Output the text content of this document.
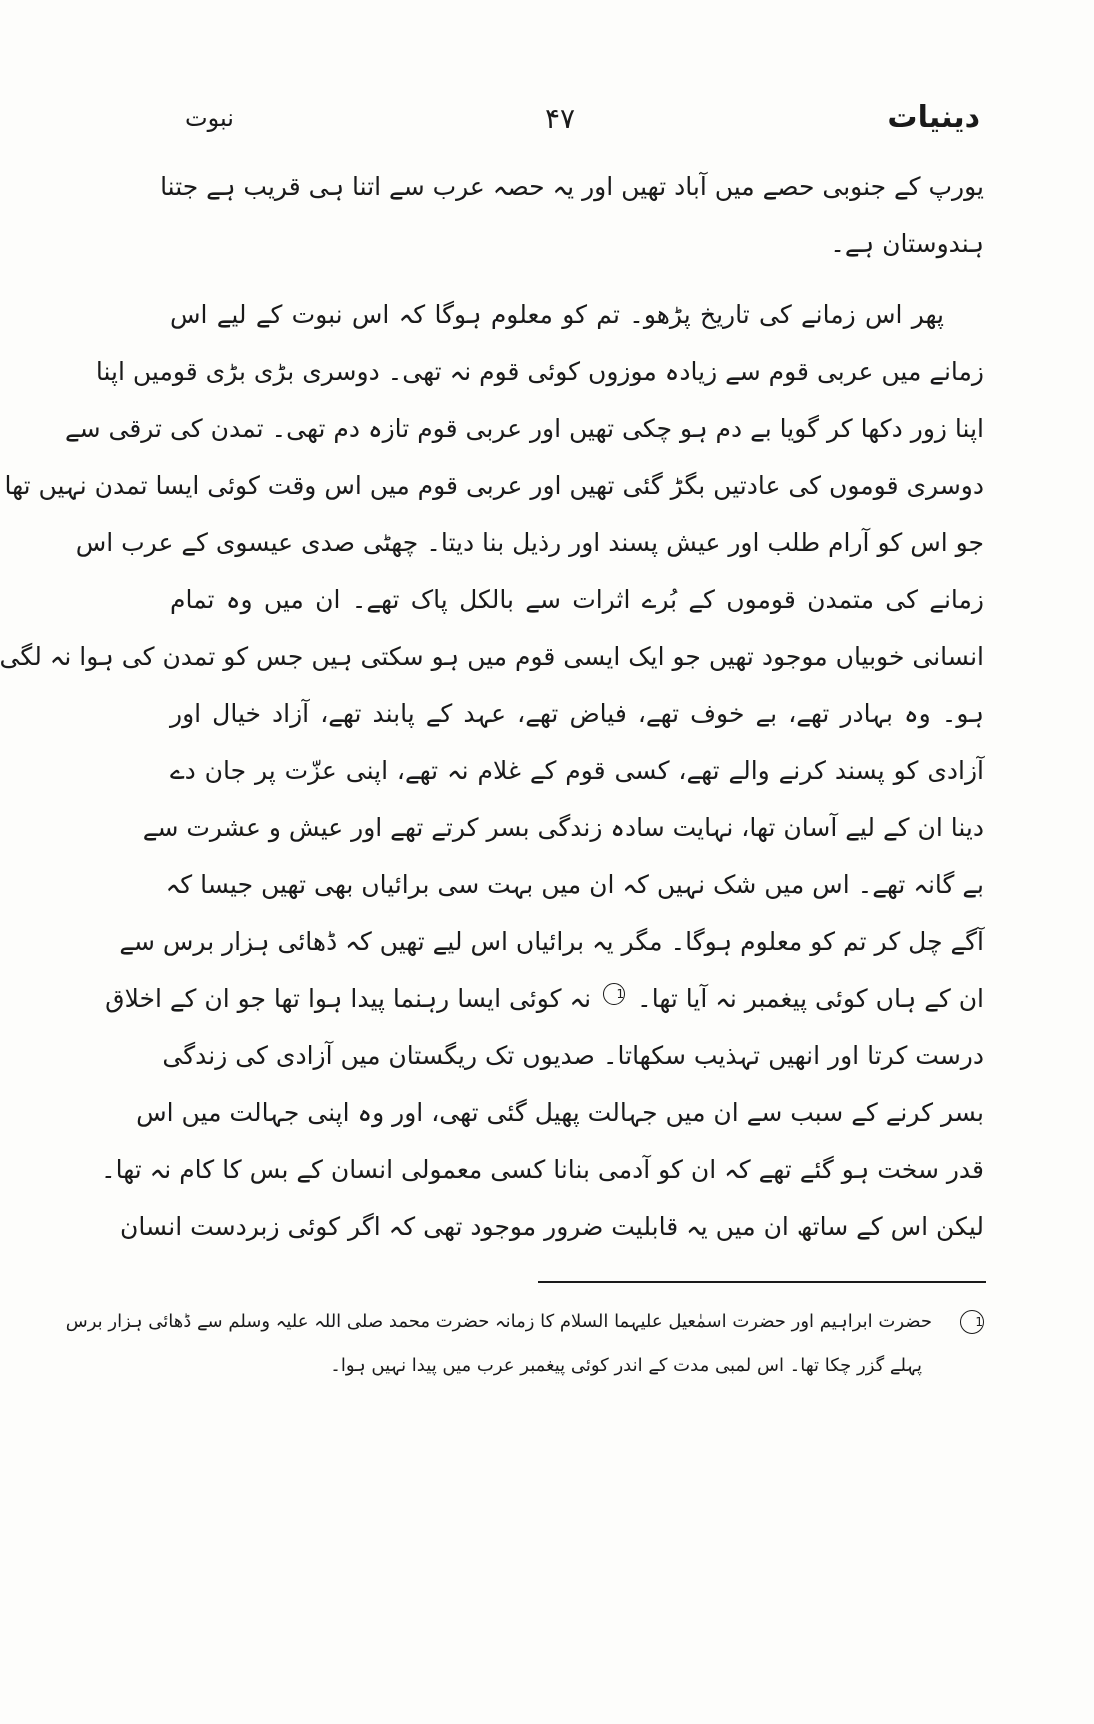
دینیات
۴۷
نبوت
یورپ کے جنوبی حصے میں آباد تھیں اور یہ حصہ عرب سے اتنا ہی قریب ہے جتنا
ہندوستان ہے۔
پھر اس زمانے کی تاریخ پڑھو۔ تم کو معلوم ہوگا کہ اس نبوت کے لیے اس
زمانے میں عربی قوم سے زیادہ موزوں کوئی قوم نہ تھی۔ دوسری بڑی بڑی قومیں اپنا
اپنا زور دکھا کر گویا بے دم ہو چکی تھیں اور عربی قوم تازہ دم تھی۔ تمدن کی ترقی سے
دوسری قوموں کی عادتیں بگڑ گئی تھیں اور عربی قوم میں اس وقت کوئی ایسا تمدن نہیں تھا
جو اس کو آرام طلب اور عیش پسند اور رذیل بنا دیتا۔ چھٹی صدی عیسوی کے عرب اس
زمانے کی متمدن قوموں کے بُرے اثرات سے بالکل پاک تھے۔ ان میں وہ تمام
انسانی خوبیاں موجود تھیں جو ایک ایسی قوم میں ہو سکتی ہیں جس کو تمدن کی ہوا نہ لگی
ہو۔ وہ بہادر تھے، بے خوف تھے، فیاض تھے، عہد کے پابند تھے، آزاد خیال اور
آزادی کو پسند کرنے والے تھے، کسی قوم کے غلام نہ تھے، اپنی عزّت پر جان دے
دینا ان کے لیے آسان تھا، نہایت سادہ زندگی بسر کرتے تھے اور عیش و عشرت سے
بے گانہ تھے۔ اس میں شک نہیں کہ ان میں بہت سی برائیاں بھی تھیں جیسا کہ
آگے چل کر تم کو معلوم ہوگا۔ مگر یہ برائیاں اس لیے تھیں کہ ڈھائی ہزار برس سے
ان کے ہاں کوئی پیغمبر نہ آیا تھا۔ 1 نہ کوئی ایسا رہنما پیدا ہوا تھا جو ان کے اخلاق
درست کرتا اور انھیں تہذیب سکھاتا۔ صدیوں تک ریگستان میں آزادی کی زندگی
بسر کرنے کے سبب سے ان میں جہالت پھیل گئی تھی، اور وہ اپنی جہالت میں اس
قدر سخت ہو گئے تھے کہ ان کو آدمی بنانا کسی معمولی انسان کے بس کا کام نہ تھا۔
لیکن اس کے ساتھ ان میں یہ قابلیت ضرور موجود تھی کہ اگر کوئی زبردست انسان
1حضرت ابراہیم اور حضرت اسمٰعیل علیہما السلام کا زمانہ حضرت محمد صلی اللہ علیہ وسلم سے ڈھائی ہزار برس
پہلے گزر چکا تھا۔ اس لمبی مدت کے اندر کوئی پیغمبر عرب میں پیدا نہیں ہوا۔
